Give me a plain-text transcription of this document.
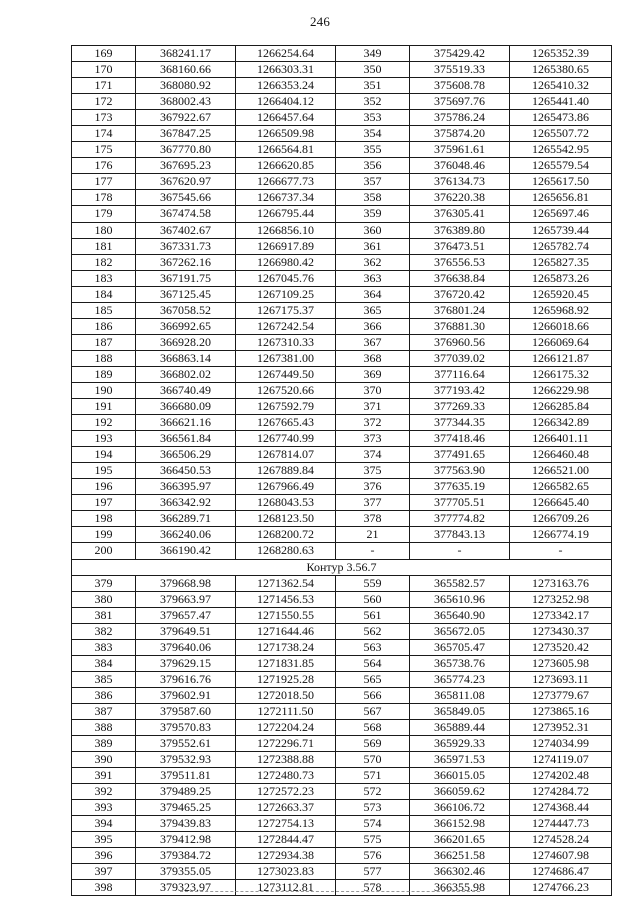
246
169	368241.17	1266254.64	349	375429.42	1265352.39
170	368160.66	1266303.31	350	375519.33	1265380.65
171	368080.92	1266353.24	351	375608.78	1265410.32
172	368002.43	1266404.12	352	375697.76	1265441.40
173	367922.67	1266457.64	353	375786.24	1265473.86
174	367847.25	1266509.98	354	375874.20	1265507.72
175	367770.80	1266564.81	355	375961.61	1265542.95
176	367695.23	1266620.85	356	376048.46	1265579.54
177	367620.97	1266677.73	357	376134.73	1265617.50
178	367545.66	1266737.34	358	376220.38	1265656.81
179	367474.58	1266795.44	359	376305.41	1265697.46
180	367402.67	1266856.10	360	376389.80	1265739.44
181	367331.73	1266917.89	361	376473.51	1265782.74
182	367262.16	1266980.42	362	376556.53	1265827.35
183	367191.75	1267045.76	363	376638.84	1265873.26
184	367125.45	1267109.25	364	376720.42	1265920.45
185	367058.52	1267175.37	365	376801.24	1265968.92
186	366992.65	1267242.54	366	376881.30	1266018.66
187	366928.20	1267310.33	367	376960.56	1266069.64
188	366863.14	1267381.00	368	377039.02	1266121.87
189	366802.02	1267449.50	369	377116.64	1266175.32
190	366740.49	1267520.66	370	377193.42	1266229.98
191	366680.09	1267592.79	371	377269.33	1266285.84
192	366621.16	1267665.43	372	377344.35	1266342.89
193	366561.84	1267740.99	373	377418.46	1266401.11
194	366506.29	1267814.07	374	377491.65	1266460.48
195	366450.53	1267889.84	375	377563.90	1266521.00
196	366395.97	1267966.49	376	377635.19	1266582.65
197	366342.92	1268043.53	377	377705.51	1266645.40
198	366289.71	1268123.50	378	377774.82	1266709.26
199	366240.06	1268200.72	21	377843.13	1266774.19
200	366190.42	1268280.63	-	-	-
Контур 3.56.7					
379	379668.98	1271362.54	559	365582.57	1273163.76
380	379663.97	1271456.53	560	365610.96	1273252.98
381	379657.47	1271550.55	561	365640.90	1273342.17
382	379649.51	1271644.46	562	365672.05	1273430.37
383	379640.06	1271738.24	563	365705.47	1273520.42
384	379629.15	1271831.85	564	365738.76	1273605.98
385	379616.76	1271925.28	565	365774.23	1273693.11
386	379602.91	1272018.50	566	365811.08	1273779.67
387	379587.60	1272111.50	567	365849.05	1273865.16
388	379570.83	1272204.24	568	365889.44	1273952.31
389	379552.61	1272296.71	569	365929.33	1274034.99
390	379532.93	1272388.88	570	365971.53	1274119.07
391	379511.81	1272480.73	571	366015.05	1274202.48
392	379489.25	1272572.23	572	366059.62	1274284.72
393	379465.25	1272663.37	573	366106.72	1274368.44
394	379439.83	1272754.13	574	366152.98	1274447.73
395	379412.98	1272844.47	575	366201.65	1274528.24
396	379384.72	1272934.38	576	366251.58	1274607.98
397	379355.05	1273023.83	577	366302.46	1274686.47
398	379323.97	1273112.81	578	366355.98	1274766.23
